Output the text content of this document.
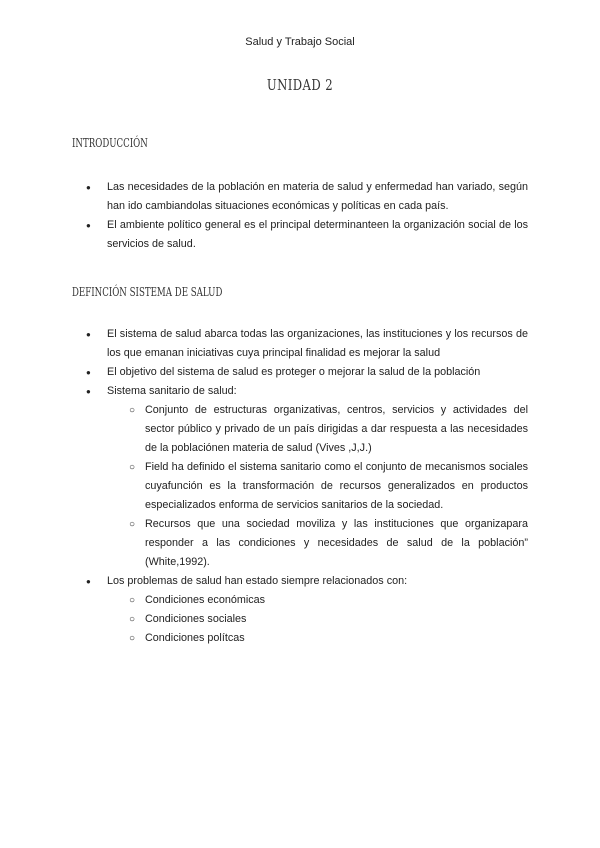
Salud y Trabajo Social
UNIDAD 2
INTRODUCCIÓN
● Las necesidades de la población en materia de salud y enfermedad han variado, según han ido cambiandolas situaciones económicas y políticas en cada país.
● El ambiente político general es el principal determinanteen la organización social de los servicios de salud.
DEFINCIÓN SISTEMA DE SALUD
● El sistema de salud abarca todas las organizaciones, las instituciones y los recursos de los que emanan iniciativas cuya principal finalidad es mejorar la salud
● El objetivo del sistema de salud es proteger o mejorar la salud de la población
● Sistema sanitario de salud:
○ Conjunto de estructuras organizativas, centros, servicios y actividades del sector público y privado de un país dirigidas a dar respuesta a las necesidades de la poblaciónen materia de salud (Vives ,J,J.)
○ Field ha definido el sistema sanitario como el conjunto de mecanismos sociales cuyafunción es la transformación de recursos generalizados en productos especializados enforma de servicios sanitarios de la sociedad.
○ Recursos que una sociedad moviliza y las instituciones que organizapara responder a las condiciones y necesidades de salud de la población” (White,1992).
● Los problemas de salud han estado siempre relacionados con:
○ Condiciones económicas
○ Condiciones sociales
○ Condiciones polítcas
